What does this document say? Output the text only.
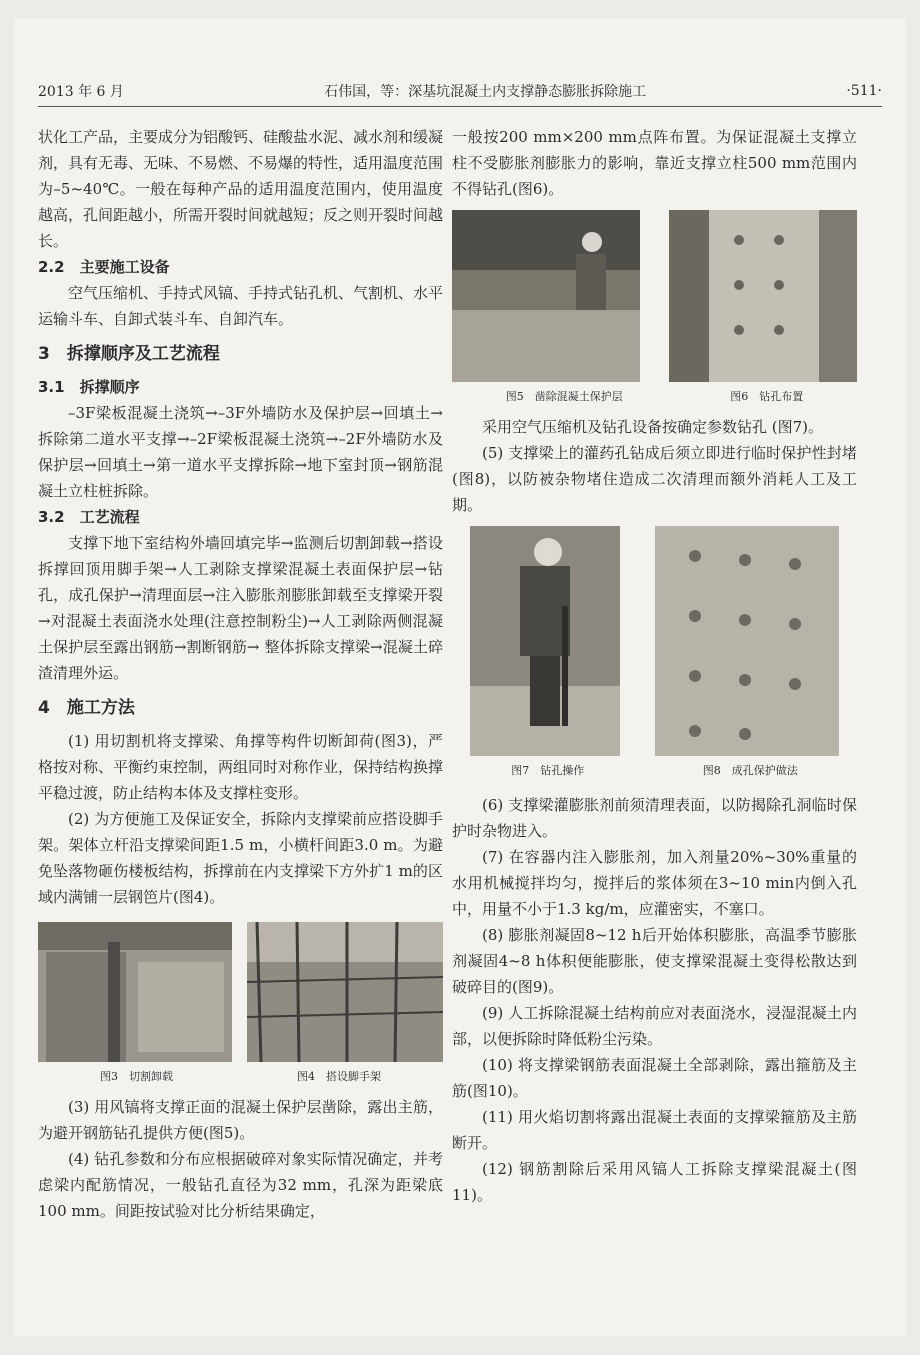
2013 年 6 月	石伟国，等：深基坑混凝土内支撑静态膨胀拆除施工	·511·

状化工产品，主要成分为铝酸钙、硅酸盐水泥、减水剂和缓凝剂，具有无毒、无味、不易燃、不易爆的特性，适用温度范围为–5~40℃。一般在每种产品的适用温度范围内，使用温度越高，孔间距越小，所需开裂时间就越短；反之则开裂时间越长。

2.2　主要施工设备

空气压缩机、手持式风镐、手持式钻孔机、气割机、水平运输斗车、自卸式装斗车、自卸汽车。

3　拆撑顺序及工艺流程
3.1　拆撑顺序

–3F梁板混凝土浇筑→–3F外墙防水及保护层→回填土→拆除第二道水平支撑→–2F梁板混凝土浇筑→–2F外墙防水及保护层→回填土→第一道水平支撑拆除→地下室封顶→钢筋混凝土立柱桩拆除。

3.2　工艺流程

支撑下地下室结构外墙回填完毕→监测后切割卸载→搭设拆撑回顶用脚手架→人工剥除支撑梁混凝土表面保护层→钻孔，成孔保护→清理面层→注入膨胀剂膨胀卸载至支撑梁开裂→对混凝土表面浇水处理(注意控制粉尘)→人工剥除两侧混凝土保护层至露出钢筋→割断钢筋→ 整体拆除支撑梁→混凝土碎渣清理外运。

4　施工方法

(1) 用切割机将支撑梁、角撑等构件切断卸荷(图3)，严格按对称、平衡约束控制，两组同时对称作业，保持结构换撑平稳过渡，防止结构本体及支撑柱变形。

(2) 为方便施工及保证安全，拆除内支撑梁前应搭设脚手架。架体立杆沿支撑梁间距1.5 m，小横杆间距3.0 m。为避免坠落物砸伤楼板结构，拆撑前在内支撑梁下方外扩1 m的区域内满铺一层钢笆片(图4)。

图3　切割卸载	图4　搭设脚手架

(3) 用风镐将支撑正面的混凝土保护层凿除，露出主筋，为避开钢筋钻孔提供方便(图5)。

(4) 钻孔参数和分布应根据破碎对象实际情况确定，并考虑梁内配筋情况，一般钻孔直径为32 mm，孔深为距梁底100 mm。间距按试验对比分析结果确定，

一般按200 mm×200 mm点阵布置。为保证混凝土支撑立柱不受膨胀剂膨胀力的影响，靠近支撑立柱500 mm范围内不得钻孔(图6)。

图5　凿除混凝土保护层	图6　钻孔布置

采用空气压缩机及钻孔设备按确定参数钻孔 (图7)。

(5) 支撑梁上的灌药孔钻成后须立即进行临时保护性封堵(图8)，以防被杂物堵住造成二次清理而额外消耗人工及工期。

图7　钻孔操作	图8　成孔保护做法

(6) 支撑梁灌膨胀剂前须清理表面，以防揭除孔洞临时保护时杂物进入。

(7) 在容器内注入膨胀剂，加入剂量20%~30%重量的水用机械搅拌均匀，搅拌后的浆体须在3~10 min内倒入孔中，用量不小于1.3 kg/m，应灌密实，不塞口。

(8) 膨胀剂凝固8~12 h后开始体积膨胀，高温季节膨胀剂凝固4~8 h体积便能膨胀，使支撑梁混凝土变得松散达到破碎目的(图9)。

(9) 人工拆除混凝土结构前应对表面浇水，浸湿混凝土内部，以便拆除时降低粉尘污染。

(10) 将支撑梁钢筋表面混凝土全部剥除，露出箍筋及主筋(图10)。

(11) 用火焰切割将露出混凝土表面的支撑梁箍筋及主筋断开。

(12) 钢筋割除后采用风镐人工拆除支撑梁混凝土(图11)。
